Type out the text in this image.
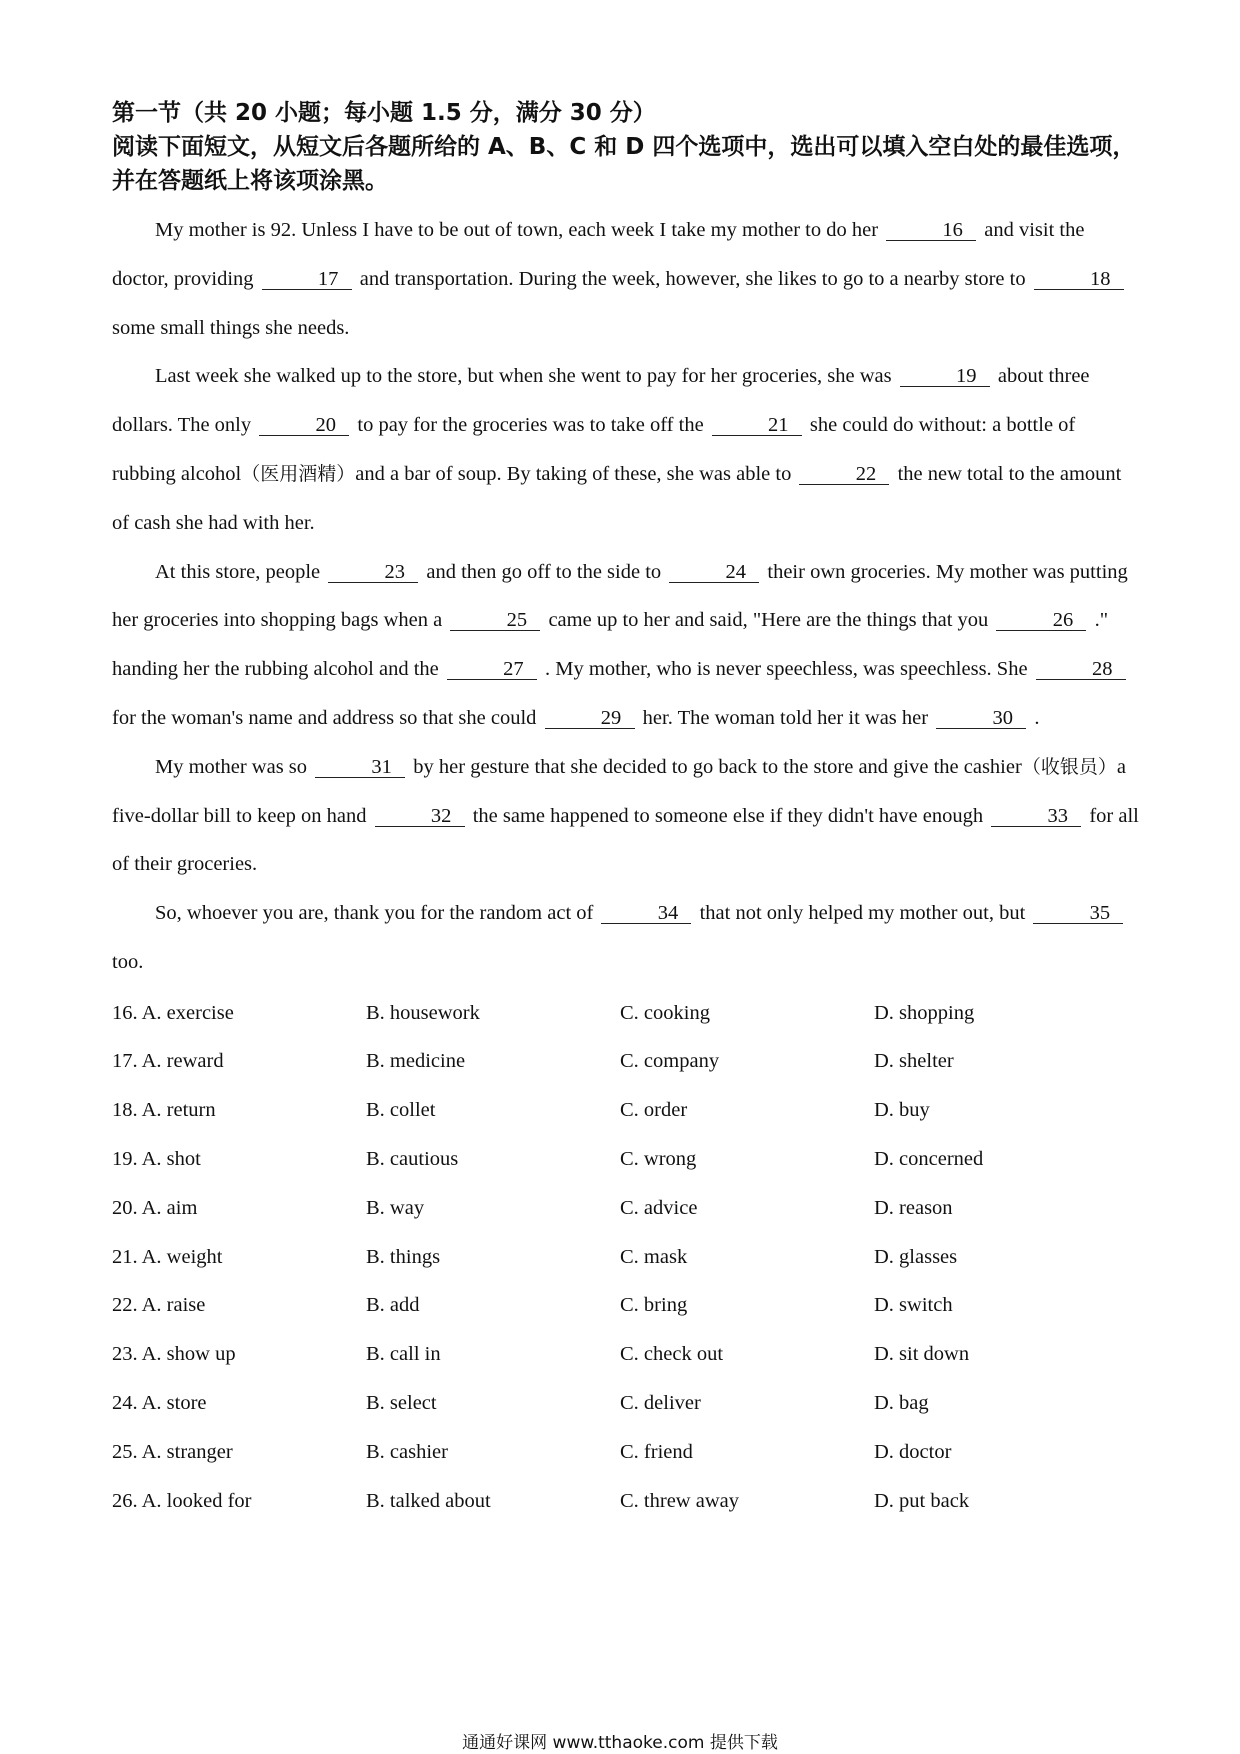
第一节（共 20 小题；每小题 1.5 分，满分 30 分）
阅读下面短文，从短文后各题所给的 A、B、C 和 D 四个选项中，选出可以填入空白处的最佳选项，并在答题纸上将该项涂黑。

My mother is 92. Unless I have to be out of town, each week I take my mother to do her	16 and visit the doctor, providing	17 and transportation. During the week, however, she likes to go to a nearby store to	18 some small things she needs.

Last week she walked up to the store, but when she went to pay for her groceries, she was	19 about three dollars. The only	20 to pay for the groceries was to take off the	21 she could do without: a bottle of rubbing alcohol（医用酒精）and a bar of soup. By taking of these, she was able to	22 the new total to the amount of cash she had with her.

At this store, people	23 and then go off to the side to	24 their own groceries. My mother was putting her groceries into shopping bags when a	25 came up to her and said, "Here are the things that you	26 ." handing her the rubbing alcohol and the	27 . My mother, who is never speechless, was speechless. She	28 for the woman's name and address so that she could	29 her. The woman told her it was her	30 .

My mother was so	31 by her gesture that she decided to go back to the store and give the cashier（收银员）a five-dollar bill to keep on hand	32 the same happened to someone else if they didn't have enough	33 for all of their groceries.

So, whoever you are, thank you for the random act of	34 that not only helped my mother out, but	35 too.

16. A. exercise	B. housework	C. cooking	D. shopping
17. A. reward	B. medicine	C. company	D. shelter
18. A. return	B. collet	C. order	D. buy
19. A. shot	B. cautious	C. wrong	D. concerned
20. A. aim	B. way	C. advice	D. reason
21. A. weight	B. things	C. mask	D. glasses
22. A. raise	B. add	C. bring	D. switch
23. A. show up	B. call in	C. check out	D. sit down
24. A. store	B. select	C. deliver	D. bag
25. A. stranger	B. cashier	C. friend	D. doctor
26. A. looked for	B. talked about	C. threw away	D. put back
通通好课网 www.tthaoke.com 提供下载
